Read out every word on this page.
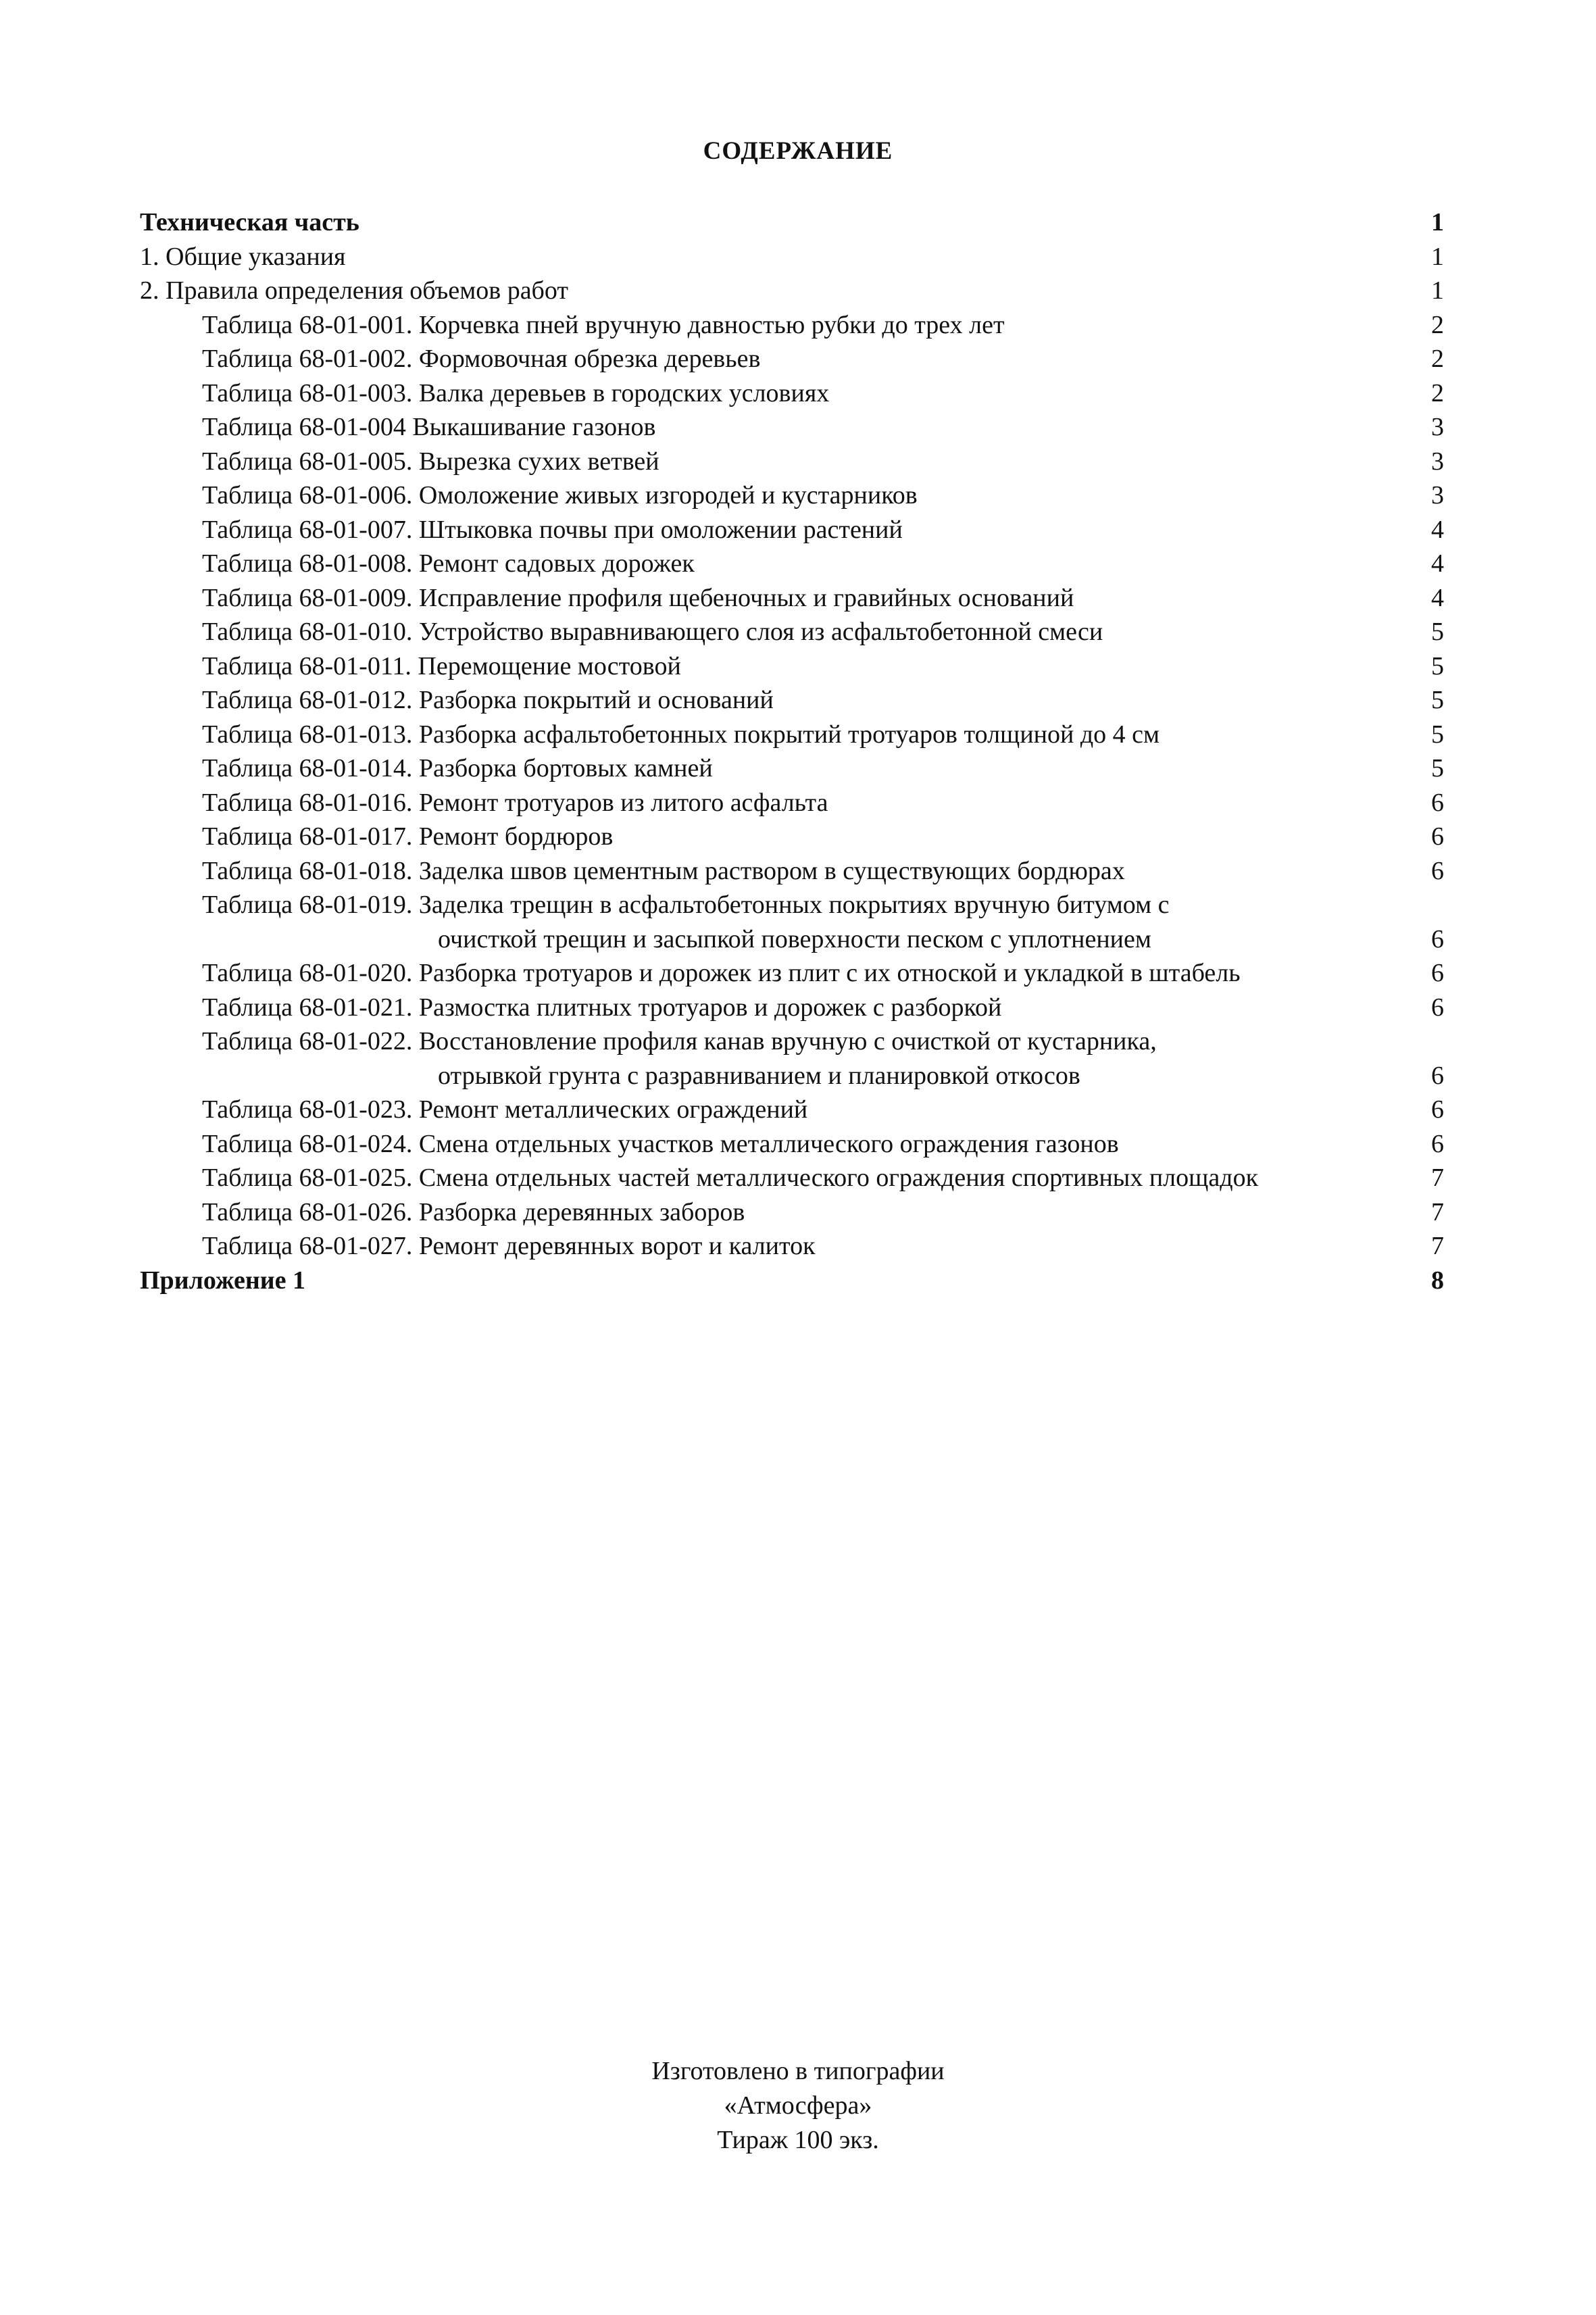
СОДЕРЖАНИЕ
Техническая часть	1
1. Общие указания	1
2. Правила определения объемов работ	1
Таблица 68-01-001. Корчевка пней вручную давностью рубки до трех лет	2
Таблица 68-01-002. Формовочная обрезка деревьев	2
Таблица 68-01-003. Валка деревьев в городских условиях	2
Таблица 68-01-004 Выкашивание газонов	3
Таблица 68-01-005. Вырезка сухих ветвей	3
Таблица 68-01-006. Омоложение живых изгородей и кустарников	3
Таблица 68-01-007. Штыковка почвы при омоложении растений	4
Таблица 68-01-008. Ремонт садовых дорожек	4
Таблица 68-01-009. Исправление профиля щебеночных и гравийных оснований	4
Таблица 68-01-010. Устройство выравнивающего слоя из асфальтобетонной смеси	5
Таблица 68-01-011. Перемощение мостовой	5
Таблица 68-01-012. Разборка покрытий и оснований	5
Таблица 68-01-013. Разборка асфальтобетонных покрытий тротуаров толщиной до 4 см	5
Таблица 68-01-014. Разборка бортовых камней	5
Таблица 68-01-016. Ремонт тротуаров из литого асфальта	6
Таблица 68-01-017. Ремонт бордюров	6
Таблица 68-01-018. Заделка швов цементным раствором в существующих бордюрах	6
Таблица 68-01-019. Заделка трещин в асфальтобетонных покрытиях вручную битумом с
очисткой трещин и засыпкой поверхности песком с уплотнением	6
Таблица 68-01-020. Разборка тротуаров и дорожек из плит с их отноской и укладкой в штабель	6
Таблица 68-01-021. Размостка плитных тротуаров и дорожек с разборкой	6
Таблица 68-01-022. Восстановление профиля канав вручную с очисткой от кустарника,
отрывкой грунта с разравниванием и планировкой откосов	6
Таблица 68-01-023. Ремонт металлических ограждений	6
Таблица 68-01-024. Смена отдельных участков металлического ограждения газонов	6
Таблица 68-01-025. Смена отдельных частей металлического ограждения спортивных площадок	7
Таблица 68-01-026. Разборка деревянных заборов	7
Таблица 68-01-027. Ремонт деревянных ворот и калиток	7
Приложение 1	8
Изготовлено в типографии
«Атмосфера»
Тираж 100 экз.
